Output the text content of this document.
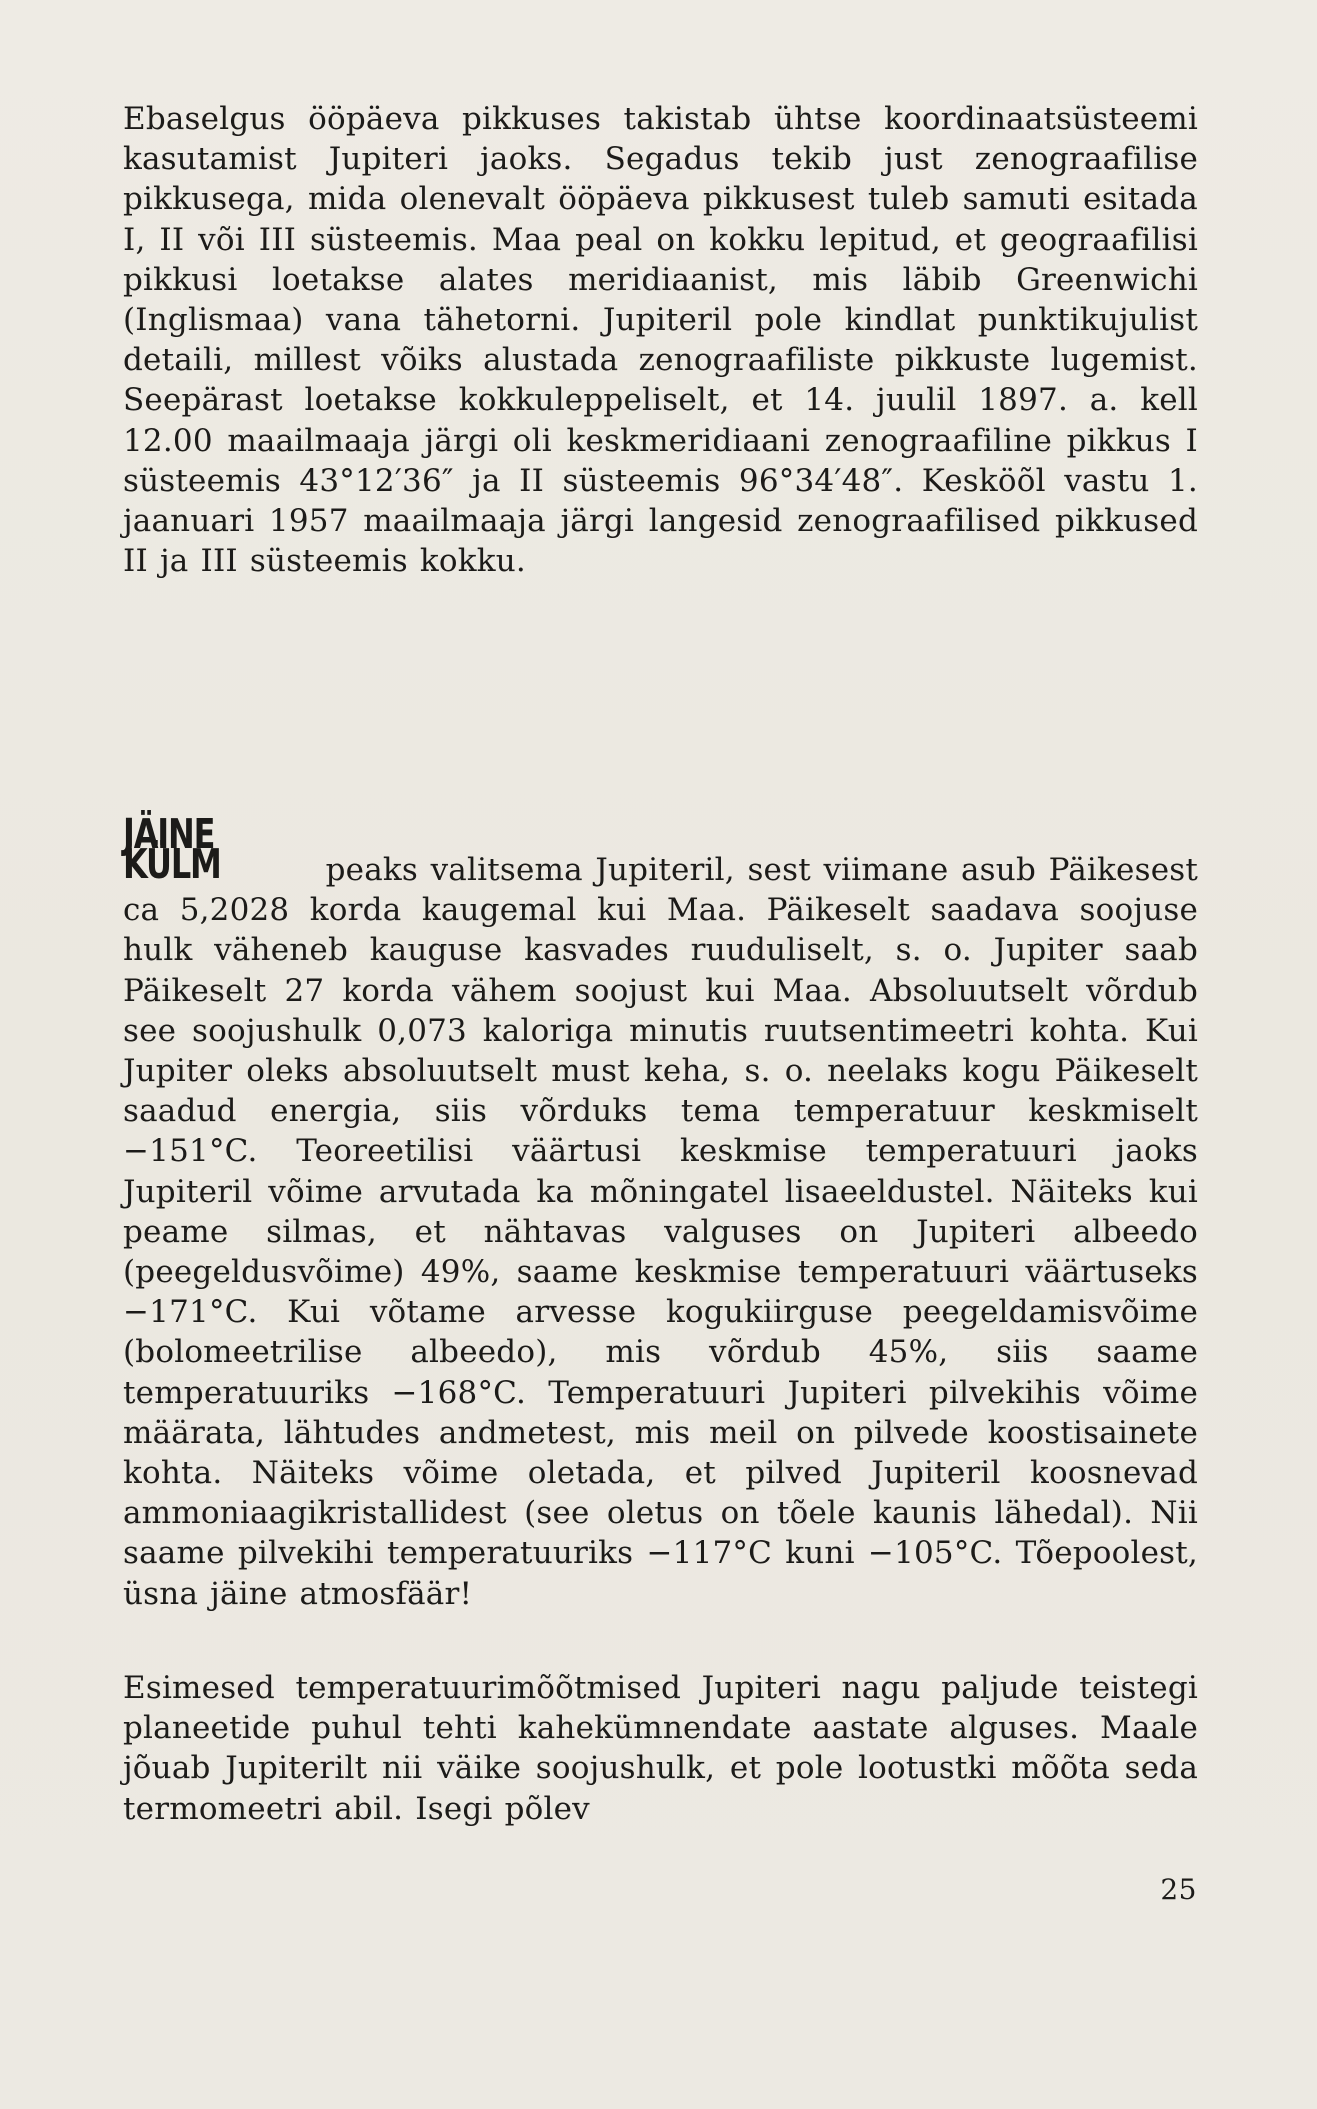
Ebaselgus ööpäeva pikkuses takistab ühtse koordinaatsüsteemi kasutamist Jupiteri jaoks. Segadus tekib just zenograafilise pikkusega, mida olenevalt ööpäeva pikkusest tuleb samuti esitada I, II või III süsteemis. Maa peal on kokku lepitud, et geograafilisi pikkusi loetakse alates meridiaanist, mis läbib Greenwichi (Inglismaa) vana tähetorni. Jupiteril pole kindlat punktikujulist detaili, millest võiks alustada zenograafiliste pikkuste lugemist. Seepärast loetakse kokkuleppeliselt, et 14. juulil 1897. a. kell 12.00 maailmaaja järgi oli keskmeridiaani zenograafiline pikkus I süsteemis 43°12′36″ ja II süsteemis 96°34′48″. Kesköõl vastu 1. jaanuari 1957 maailmaaja järgi langesid zenograafilised pikkused II ja III süsteemis kokku.

JÄINE KÜLM	peaks valitsema Jupiteril, sest viimane asub Päikesest ca 5,2028 korda kaugemal kui Maa. Päikeselt saadava soojuse hulk väheneb kauguse kasvades ruuduliselt, s. o. Jupiter saab Päikeselt 27 korda vähem soojust kui Maa. Absoluutselt võrdub see soojushulk 0,073 kaloriga minutis ruutsentimeetri kohta. Kui Jupiter oleks absoluutselt must keha, s. o. neelaks kogu Päikeselt saadud energia, siis võrduks tema temperatuur keskmiselt −151°C. Teoreetilisi väärtusi keskmise temperatuuri jaoks Jupiteril võime arvutada ka mõningatel lisaeeldustel. Näiteks kui peame silmas, et nähtavas valguses on Jupiteri albeedo (peegeldusvõime) 49%, saame keskmise temperatuuri väärtuseks −171°C. Kui võtame arvesse kogukiirguse peegeldamisvõime (bolomeetrilise albeedo), mis võrdub 45%, siis saame temperatuuriks −168°C. Temperatuuri Jupiteri pilvekihis võime määrata, lähtudes andmetest, mis meil on pilvede koostisainete kohta. Näiteks võime oletada, et pilved Jupiteril koosnevad ammoniaagikristallidest (see oletus on tõele kaunis lähedal). Nii saame pilvekihi temperatuuriks −117°C kuni −105°C. Tõepoolest, üsna jäine atmosfäär!

Esimesed temperatuurimõõtmised Jupiteri nagu paljude teistegi planeetide puhul tehti kahekümnendate aastate alguses. Maale jõuab Jupiterilt nii väike soojushulk, et pole lootustki mõõta seda termomeetri abil. Isegi põlev

25
